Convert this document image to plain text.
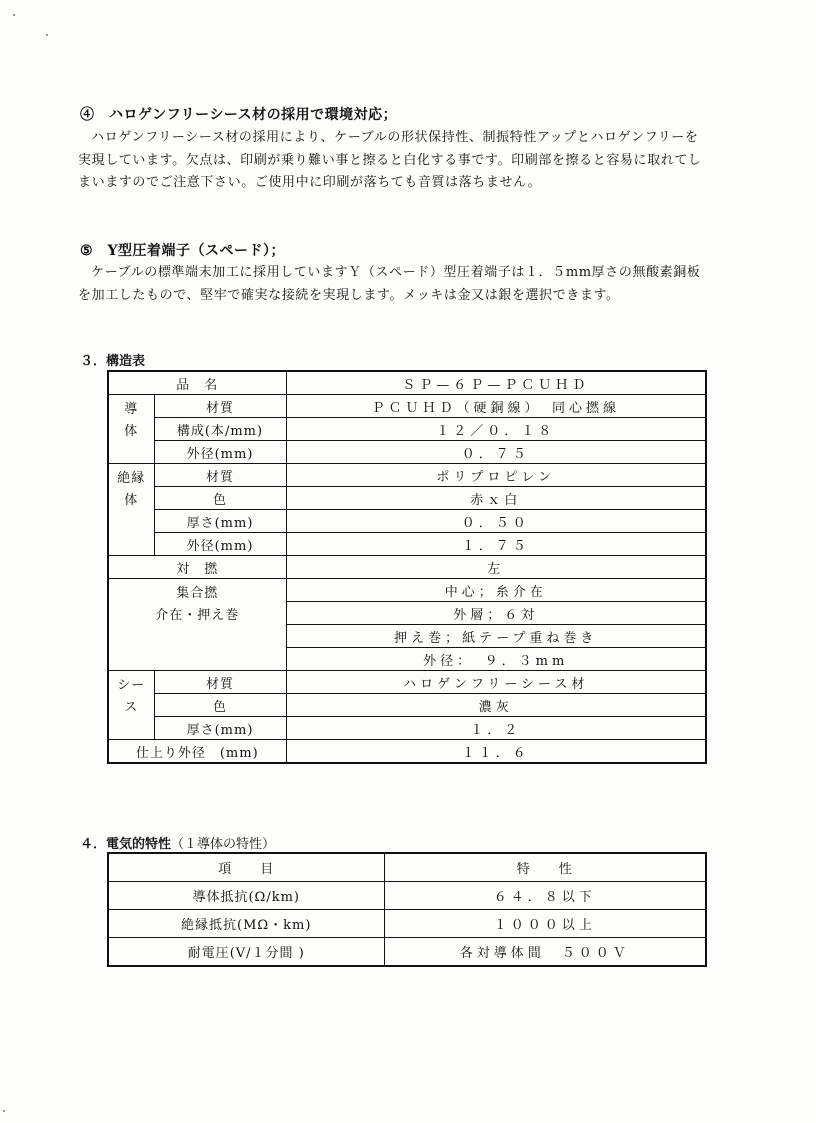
④　ハロゲンフリーシース材の採用で環境対応；
ハロゲンフリーシース材の採用により、ケーブルの形状保持性、制振特性アップとハロゲンフリーを実現しています。欠点は、印刷が乗り難い事と擦ると白化する事です。印刷部を擦ると容易に取れてしまいますのでご注意下さい。ご使用中に印刷が落ちても音質は落ちません。
⑤　Y型圧着端子（スペード）；
ケーブルの標準端末加工に採用していますＹ（スペード）型圧着端子は１．５mm厚さの無酸素銅板を加工したもので、堅牢で確実な接続を実現します。メッキは金又は銀を選択できます。
３．構造表
品　名		ＳＰ—６Ｐ—ＰＣＵＨＤ

導
体	材質	ＰＣＵＨＤ（硬銅線）　同心撚線
	構成(本/mm)	１２／０．１８
	外径(mm)	０．７５

絶縁
体	材質	ポリプロピレン
	色	赤ｘ白
	厚さ(mm)	０．５０
	外径(mm)	１．７５
対　撚		左

集合撚
介在・押え巻		中心；糸介在
		外層；６対
		押え巻；紙テープ重ね巻き
		外径：　９．３mm

シー
ス	材質	ハロゲンフリーシース材
	色	濃灰
	厚さ(mm)	１．２
仕上り外径　(mm)		１１．６
４．電気的特性（１導体の特性）
項　　目	特　　性
導体抵抗(Ω/km)	６４．８以下
絶縁抵抗(MΩ・km)	１０００以上
耐電圧(V/１分間 )	各対導体間　５００Ｖ
